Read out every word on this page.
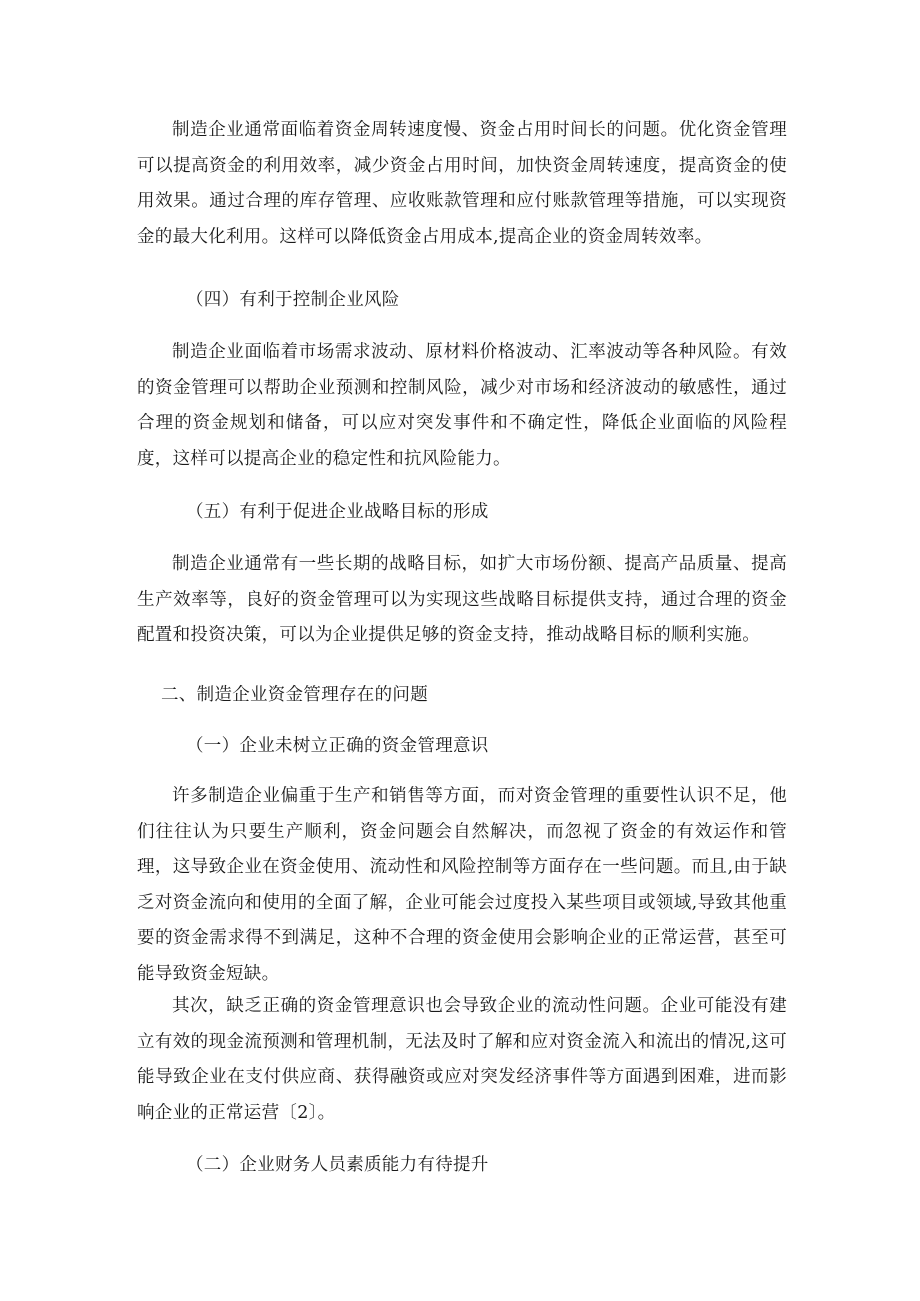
制造企业通常面临着资金周转速度慢、资金占用时间长的问题。优化资金管理可以提高资金的利用效率，减少资金占用时间，加快资金周转速度，提高资金的使用效果。通过合理的库存管理、应收账款管理和应付账款管理等措施，可以实现资金的最大化利用。这样可以降低资金占用成本,提高企业的资金周转效率。

（四）有利于控制企业风险

制造企业面临着市场需求波动、原材料价格波动、汇率波动等各种风险。有效的资金管理可以帮助企业预测和控制风险，减少对市场和经济波动的敏感性，通过合理的资金规划和储备，可以应对突发事件和不确定性，降低企业面临的风险程度，这样可以提高企业的稳定性和抗风险能力。

（五）有利于促进企业战略目标的形成

制造企业通常有一些长期的战略目标，如扩大市场份额、提高产品质量、提高生产效率等，良好的资金管理可以为实现这些战略目标提供支持，通过合理的资金配置和投资决策，可以为企业提供足够的资金支持，推动战略目标的顺利实施。

二、制造企业资金管理存在的问题

（一）企业未树立正确的资金管理意识

许多制造企业偏重于生产和销售等方面，而对资金管理的重要性认识不足，他们往往认为只要生产顺利，资金问题会自然解决，而忽视了资金的有效运作和管理，这导致企业在资金使用、流动性和风险控制等方面存在一些问题。而且,由于缺乏对资金流向和使用的全面了解，企业可能会过度投入某些项目或领域,导致其他重要的资金需求得不到满足，这种不合理的资金使用会影响企业的正常运营，甚至可能导致资金短缺。

其次，缺乏正确的资金管理意识也会导致企业的流动性问题。企业可能没有建立有效的现金流预测和管理机制，无法及时了解和应对资金流入和流出的情况,这可能导致企业在支付供应商、获得融资或应对突发经济事件等方面遇到困难，进而影响企业的正常运营〔2〕。

（二）企业财务人员素质能力有待提升
